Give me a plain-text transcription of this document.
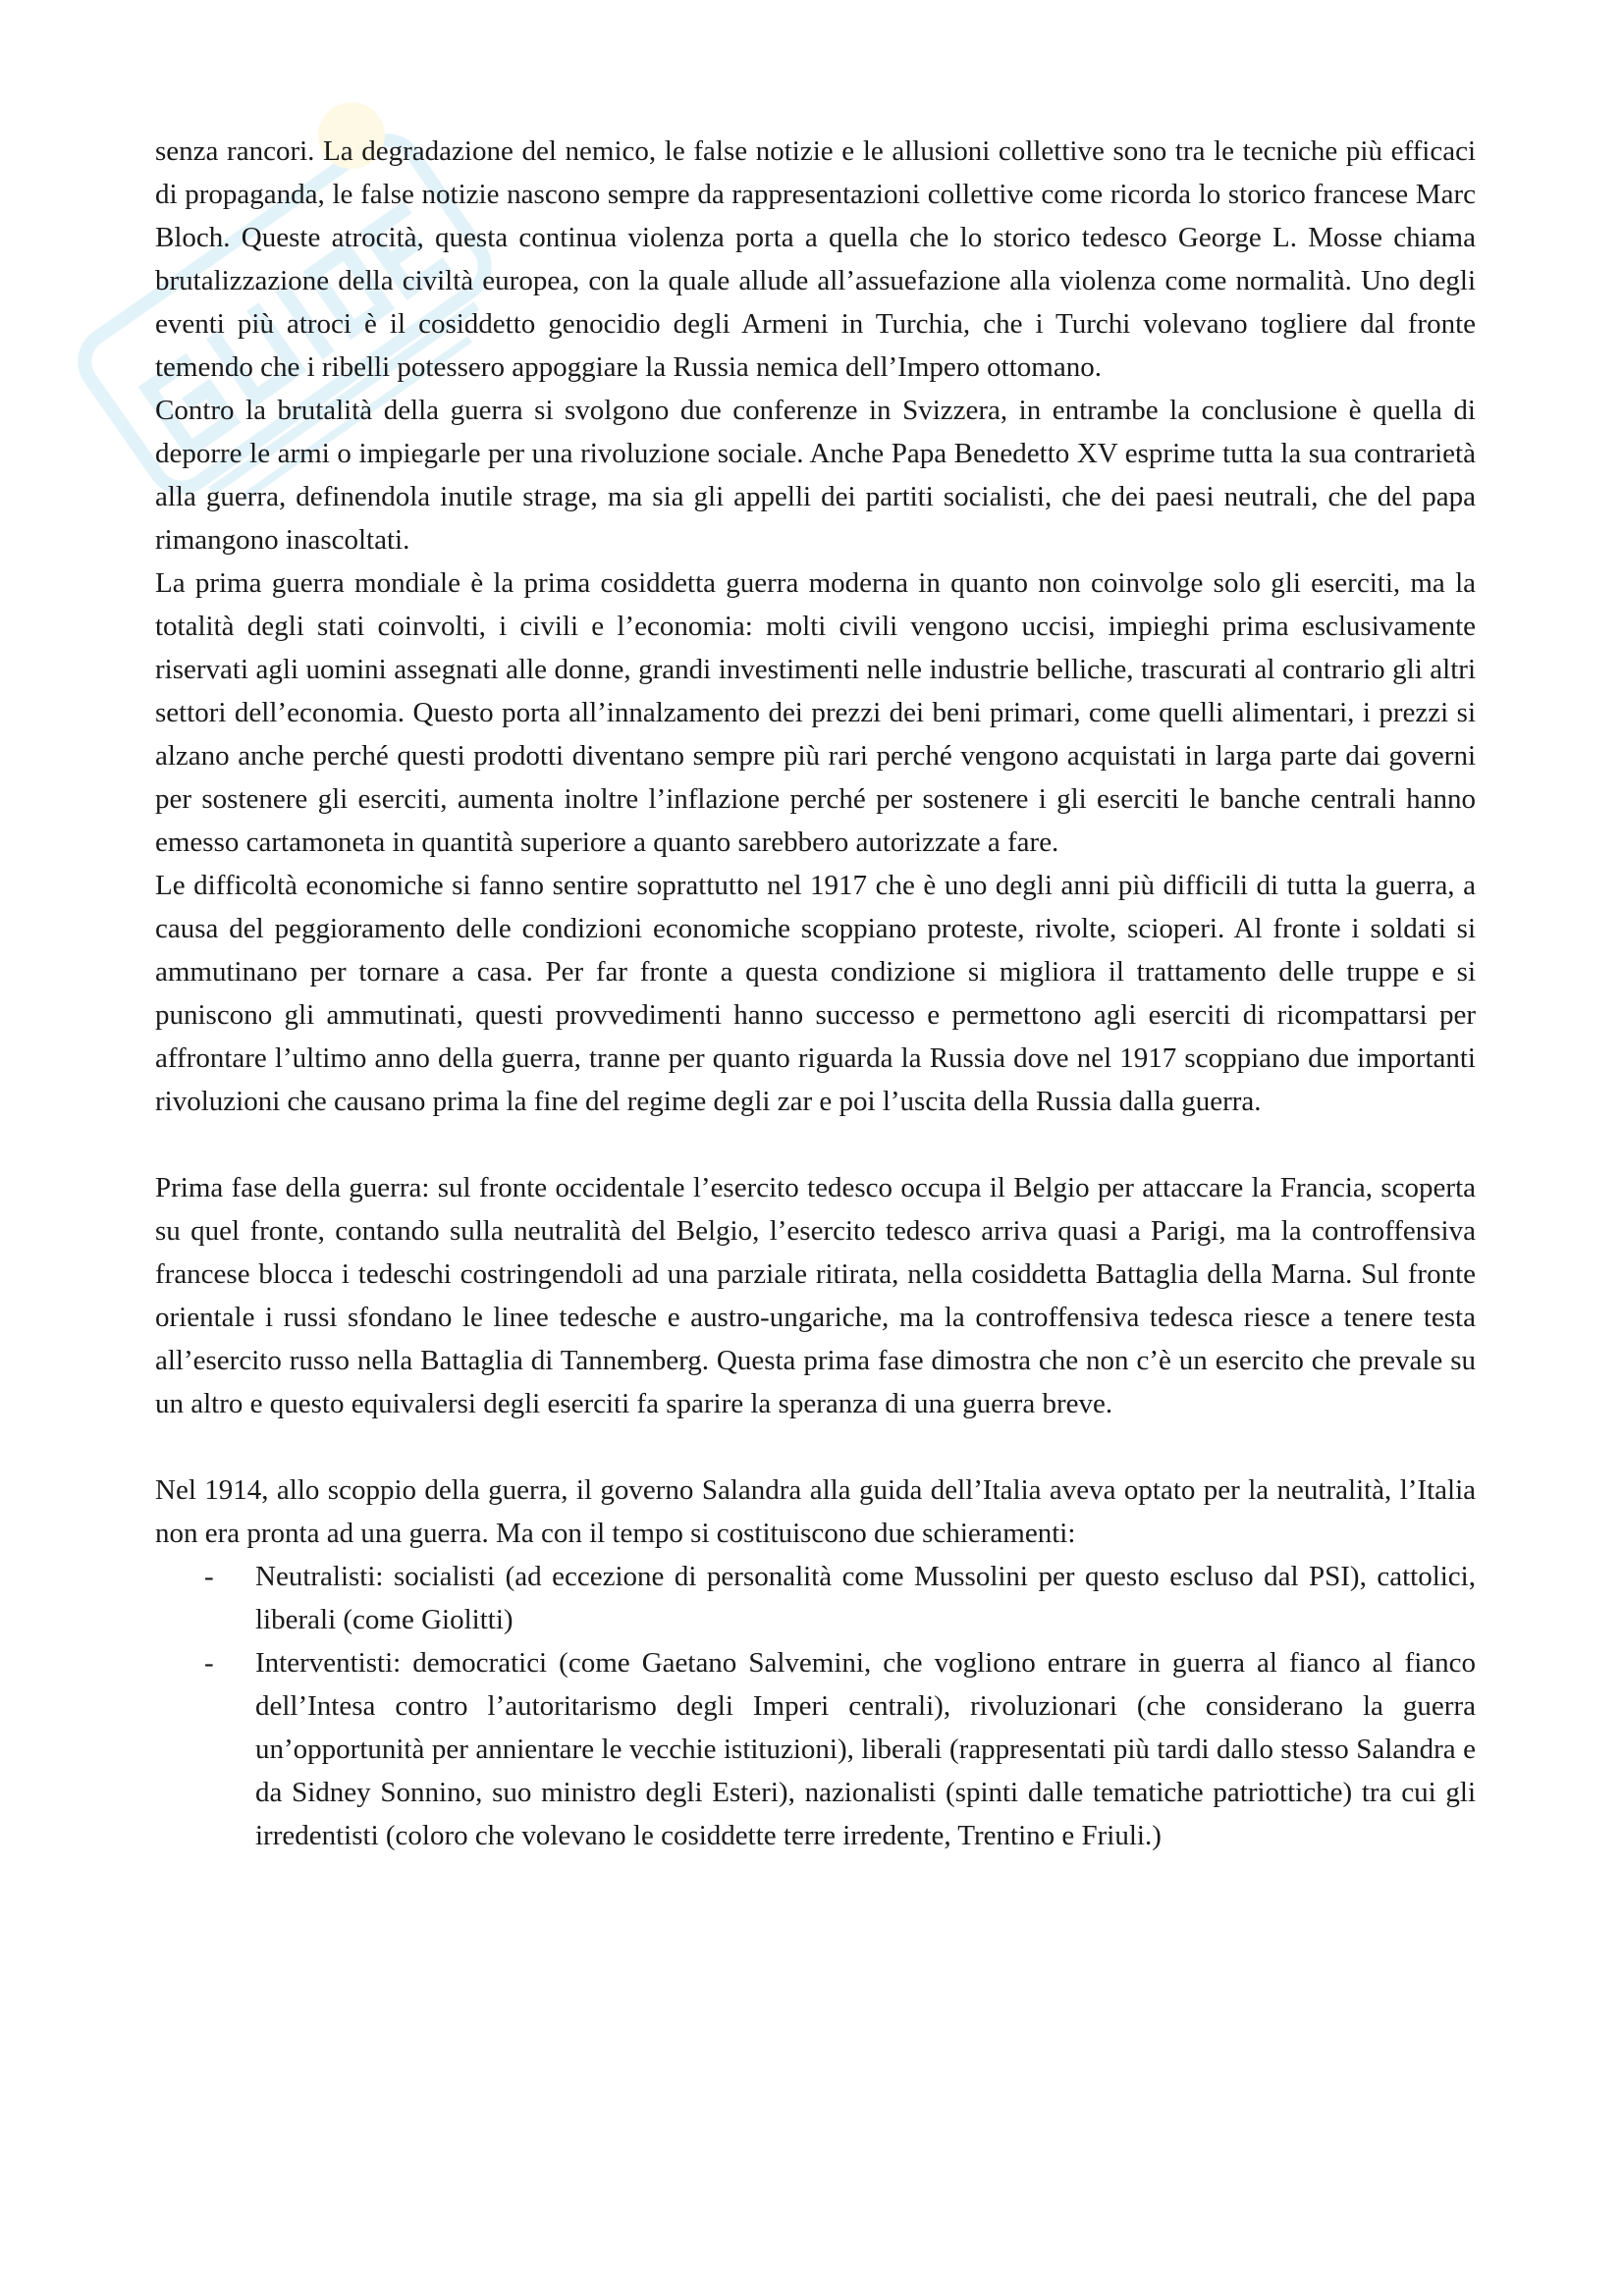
senza rancori. La degradazione del nemico, le false notizie e le allusioni collettive sono tra le tecniche più efficaci di propaganda, le false notizie nascono sempre da rappresentazioni collettive come ricorda lo storico francese Marc Bloch. Queste atrocità, questa continua violenza porta a quella che lo storico tedesco George L. Mosse chiama brutalizzazione della civiltà europea, con la quale allude all’assuefazione alla violenza come normalità. Uno degli eventi più atroci è il cosiddetto genocidio degli Armeni in Turchia, che i Turchi volevano togliere dal fronte temendo che i ribelli potessero appoggiare la Russia nemica dell’Impero ottomano.

Contro la brutalità della guerra si svolgono due conferenze in Svizzera, in entrambe la conclusione è quella di deporre le armi o impiegarle per una rivoluzione sociale. Anche Papa Benedetto XV esprime tutta la sua contrarietà alla guerra, definendola inutile strage, ma sia gli appelli dei partiti socialisti, che dei paesi neutrali, che del papa rimangono inascoltati.

La prima guerra mondiale è la prima cosiddetta guerra moderna in quanto non coinvolge solo gli eserciti, ma la totalità degli stati coinvolti, i civili e l’economia: molti civili vengono uccisi, impieghi prima esclusivamente riservati agli uomini assegnati alle donne, grandi investimenti nelle industrie belliche, trascurati al contrario gli altri settori dell’economia. Questo porta all’innalzamento dei prezzi dei beni primari, come quelli alimentari, i prezzi si alzano anche perché questi prodotti diventano sempre più rari perché vengono acquistati in larga parte dai governi per sostenere gli eserciti, aumenta inoltre l’inflazione perché per sostenere i gli eserciti le banche centrali hanno emesso cartamoneta in quantità superiore a quanto sarebbero autorizzate a fare.

Le difficoltà economiche si fanno sentire soprattutto nel 1917 che è uno degli anni più difficili di tutta la guerra, a causa del peggioramento delle condizioni economiche scoppiano proteste, rivolte, scioperi. Al fronte i soldati si ammutinano per tornare a casa. Per far fronte a questa condizione si migliora il trattamento delle truppe e si puniscono gli ammutinati, questi provvedimenti hanno successo e permettono agli eserciti di ricompattarsi per affrontare l’ultimo anno della guerra, tranne per quanto riguarda la Russia dove nel 1917 scoppiano due importanti rivoluzioni che causano prima la fine del regime degli zar e poi l’uscita della Russia dalla guerra.

Prima fase della guerra: sul fronte occidentale l’esercito tedesco occupa il Belgio per attaccare la Francia, scoperta su quel fronte, contando sulla neutralità del Belgio, l’esercito tedesco arriva quasi a Parigi, ma la controffensiva francese blocca i tedeschi costringendoli ad una parziale ritirata, nella cosiddetta Battaglia della Marna. Sul fronte orientale i russi sfondano le linee tedesche e austro-ungariche, ma la controffensiva tedesca riesce a tenere testa all’esercito russo nella Battaglia di Tannemberg. Questa prima fase dimostra che non c’è un esercito che prevale su un altro e questo equivalersi degli eserciti fa sparire la speranza di una guerra breve.

Nel 1914, allo scoppio della guerra, il governo Salandra alla guida dell’Italia aveva optato per la neutralità, l’Italia non era pronta ad una guerra. Ma con il tempo si costituiscono due schieramenti:

- Neutralisti: socialisti (ad eccezione di personalità come Mussolini per questo escluso dal PSI), cattolici, liberali (come Giolitti)
- Interventisti: democratici (come Gaetano Salvemini, che vogliono entrare in guerra al fianco al fianco dell’Intesa contro l’autoritarismo degli Imperi centrali), rivoluzionari (che considerano la guerra un’opportunità per annientare le vecchie istituzioni), liberali (rappresentati più tardi dallo stesso Salandra e da Sidney Sonnino, suo ministro degli Esteri), nazionalisti (spinti dalle tematiche patriottiche) tra cui gli irredentisti (coloro che volevano le cosiddette terre irredente, Trentino e Friuli.)
